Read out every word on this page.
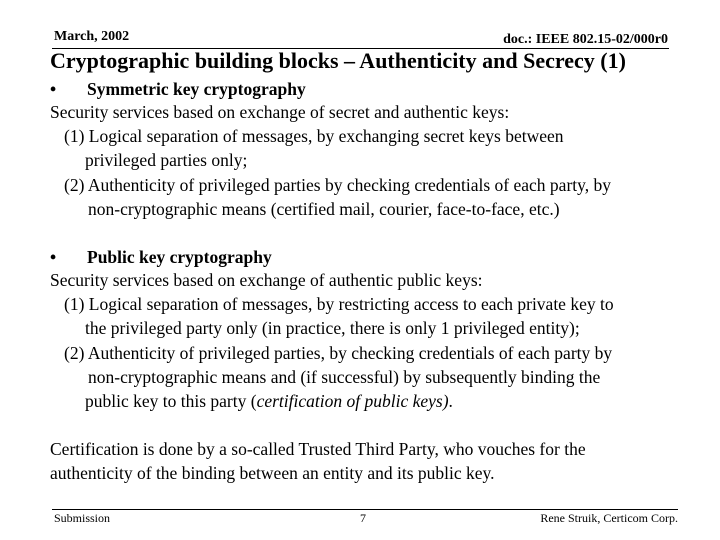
March, 2002	doc.: IEEE 802.15-02/000r0
Cryptographic building blocks – Authenticity and Secrecy (1)
• Symmetric key cryptography
Security services based on exchange of secret and authentic keys:
(1) Logical separation of messages, by exchanging secret keys between
privileged parties only;
(2) Authenticity of privileged parties by checking credentials of each party, by
non-cryptographic means (certified mail, courier, face-to-face, etc.)
• Public key cryptography
Security services based on exchange of authentic public keys:
(1) Logical separation of messages, by restricting access to each private key to
the privileged party only (in practice, there is only 1 privileged entity);
(2) Authenticity of privileged parties, by checking credentials of each party by
non-cryptographic means and (if successful) by subsequently binding the
public key to this party (certification of public keys).
Certification is done by a so-called Trusted Third Party, who vouches for the
authenticity of the binding between an entity and its public key.
Submission	7	Rene Struik, Certicom Corp.
